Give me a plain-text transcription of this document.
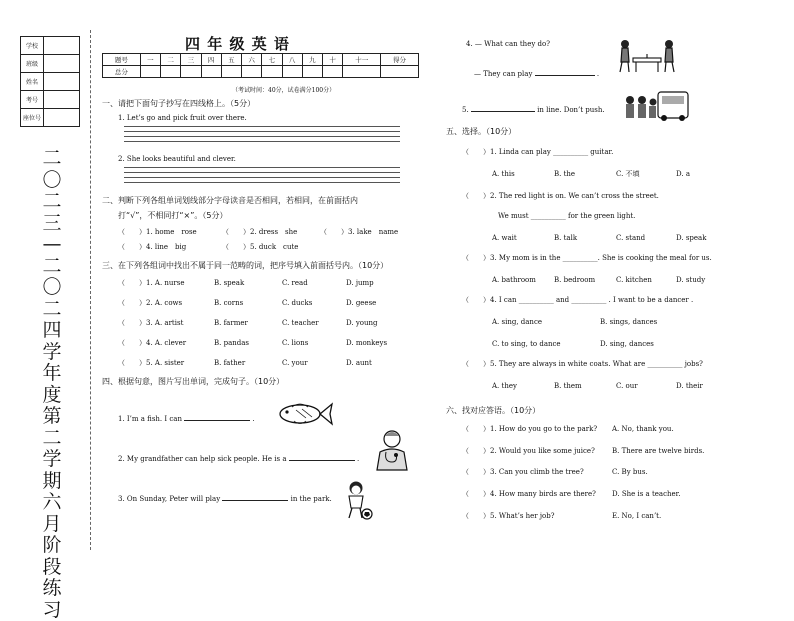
学校	
班级	
姓名	
考号	
座位号	
二〇二三—二〇二四学年度第二学期六月阶段练习
四 年 级 英 语
题号	一	二	三	四	五	六	七	八	九	十	十一	得分
总分												
（考试时间：40分，试卷满分100分）
一、请把下面句子抄写在四线格上。（5分）
1. Let’s go and pick fruit over there.
2. She looks beautiful and clever.
二、判断下列各组单词划线部分字母读音是否相同，若相同，在前面括内
打“√”，不相同打“×”。（5分）
（　　）1. home　rose	（　　）2. dress　she	（　　）3. lake　name
（　　）4. line　big	（　　）5. duck　cute
三、在下列各组词中找出不属于同一范畴的词，把序号填入前面括号内。（10分）
（　　）1. A. nurse	B. speak	C. read	D. jump
（　　）2. A. cows	B. corns	C. ducks	D. geese
（　　）3. A. artist	B. farmer	C. teacher	D. young
（　　）4. A. clever	B. pandas	C. lions	D. monkeys
（　　）5. A. sister	B. father	C. your	D. aunt
四、根据句意，图片写出单词，完成句子。（10分）
1. I’m a fish. I can	.
2. My grandfather can help sick people. He is a	.
3. On Sunday, Peter will play	in the park.
4. — What can they do?
— They can play	.
5.	in line. Don’t push.
五、选择。（10分）
（　　）1. Linda can play __________ guitar.
A. this	B. the	C. 不填	D. a
（　　）2. The red light is on. We can’t cross the street.
We must __________ for the green light.
A. wait	B. talk	C. stand	D. speak
（　　）3. My mom is in the __________. She is cooking the meal for us.
A. bathroom	B. bedroom	C. kitchen	D. study
（　　）4. I can __________ and __________ . I want to be a dancer .
A. sing, dance	B. sings, dances
C. to sing, to dance	D. sing, dances
（　　）5. They are always in white coats. What are __________ jobs?
A. they	B. them	C. our	D. their
六、找对应答语。（10分）
（　　）1. How do you go to the park? A. No, thank you.
（　　）2. Would you like some juice? B. There are twelve birds.
（　　）3. Can you climb the tree?	C. By bus.
（　　）4. How many birds are there? D. She is a teacher.
（　　）5. What’s her job?	E. No, I can’t.
